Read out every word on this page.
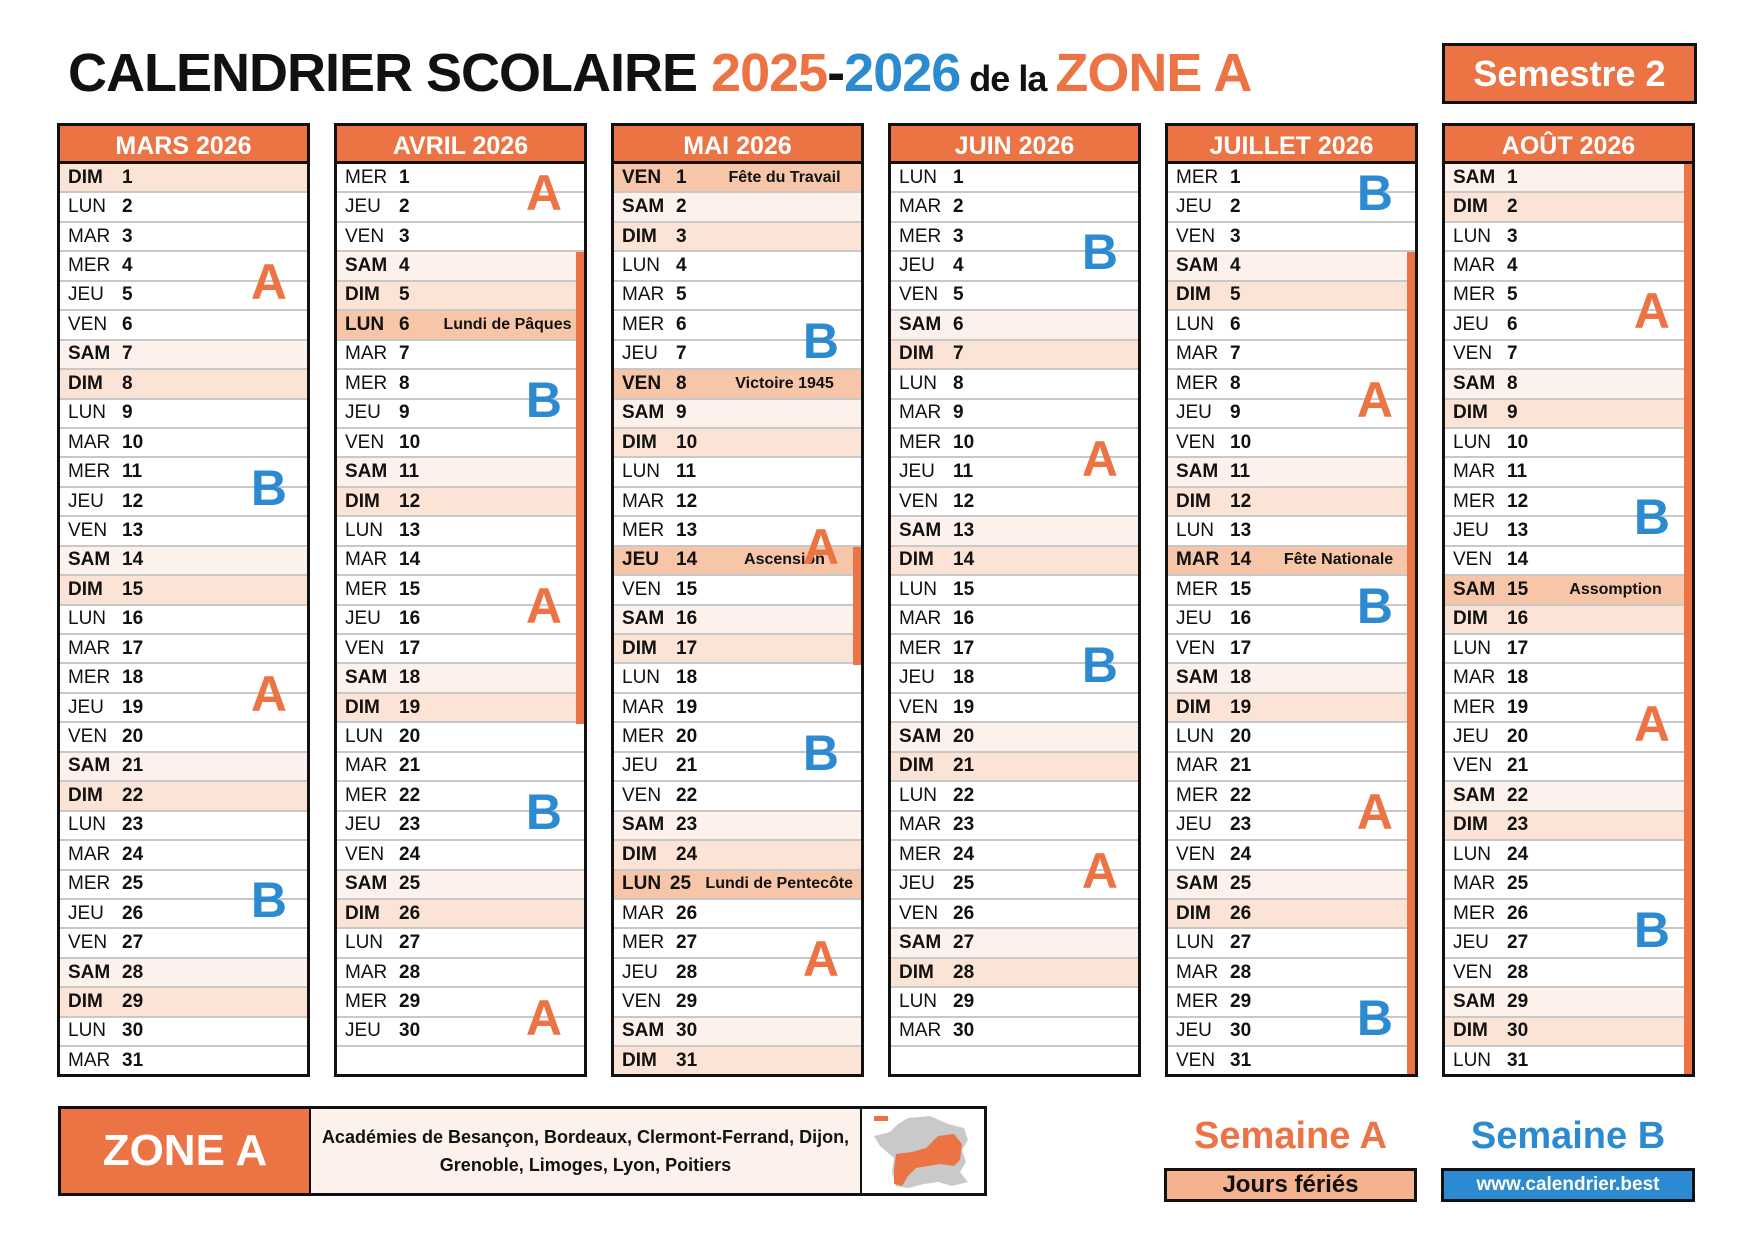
CALENDRIER SCOLAIRE 2025-2026 de la ZONE A	Semestre 2
MARS 2026
DIM	1
LUN 2
MAR 3
MER 4
JEU 5
VEN 6
SAM 7
DIM	8
LUN 9
MAR 10
MER 11
JEU 12
VEN 13
SAM 14
DIM	15
LUN 16
MAR 17
MER 18
JEU 19
VEN 20
SAM 21
DIM	22
LUN 23
MAR 24
MER 25
JEU 26
VEN 27
SAM 28
DIM	29
LUN 30
MAR 31
A
B
A
B
AVRIL 2026
MER 1
JEU 2
VEN 3
SAM 4
DIM	5
LUN 6	Lundi de Pâques
MAR 7
MER 8
JEU 9
VEN 10
SAM 11
DIM	12
LUN 13
MAR 14
MER 15
JEU 16
VEN 17
SAM 18
DIM	19
LUN 20
MAR 21
MER 22
JEU 23
VEN 24
SAM 25
DIM	26
LUN 27
MAR 28
MER 29
JEU 30
A
B
A
B
A
MAI 2026
VEN 1	Fête du Travail
SAM 2
DIM	3
LUN 4
MAR 5
MER 6
JEU 7
VEN 8	Victoire 1945
SAM 9
DIM	10
LUN 11
MAR 12
MER 13
JEU 14	Ascension
VEN 15
SAM 16
DIM	17
LUN 18
MAR 19
MER 20
JEU 21
VEN 22
SAM 23
DIM	24
LUN 25 Lundi de Pentecôte
MAR 26
MER 27
JEU 28
VEN 29
SAM 30
DIM	31
B
A
B
A
JUIN 2026
LUN 1
MAR 2
MER 3
JEU 4
VEN 5
SAM 6
DIM	7
LUN 8
MAR 9
MER 10
JEU 11
VEN 12
SAM 13
DIM	14
LUN 15
MAR 16
MER 17
JEU 18
VEN 19
SAM 20
DIM	21
LUN 22
MAR 23
MER 24
JEU 25
VEN 26
SAM 27
DIM	28
LUN 29
MAR 30
B
A
B
A
JUILLET 2026
MER 1
JEU 2
VEN 3
SAM 4
DIM	5
LUN 6
MAR 7
MER 8
JEU 9
VEN 10
SAM 11
DIM	12
LUN 13
MAR 14	Fête Nationale
MER 15
JEU 16
VEN 17
SAM 18
DIM	19
LUN 20
MAR 21
MER 22
JEU 23
VEN 24
SAM 25
DIM	26
LUN 27
MAR 28
MER 29
JEU 30
VEN 31
B
A
B
A
B
AOÛT 2026
SAM 1
DIM	2
LUN 3
MAR 4
MER 5
JEU 6
VEN 7
SAM 8
DIM	9
LUN 10
MAR 11
MER 12
JEU 13
VEN 14
SAM 15	Assomption
DIM	16
LUN 17
MAR 18
MER 19
JEU 20
VEN 21
SAM 22
DIM	23
LUN 24
MAR 25
MER 26
JEU 27
VEN 28
SAM 29
DIM	30
LUN 31
A
B
A
B
ZONE A	Académies de Besançon, Bordeaux, Clermont-Ferrand, Dijon,
Grenoble, Limoges, Lyon, Poitiers
Semaine A	Semaine B
Jours fériés	www.calendrier.best
